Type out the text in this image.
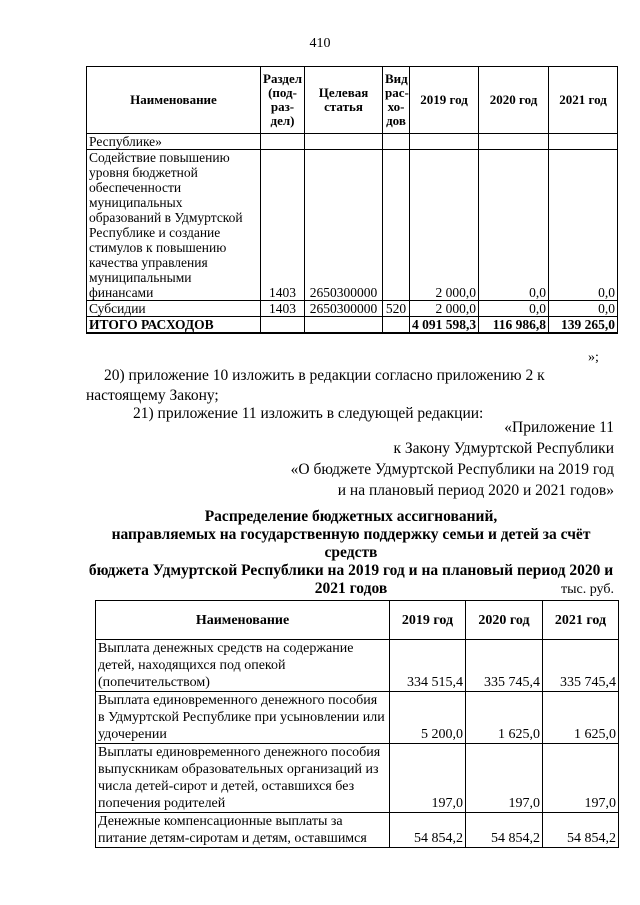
410
Наименование	Раздел (под-раз-дел)	Целевая статья	Вид рас-хо-дов	2019 год	2020 год	2021 год
Республике»						
Содействие повышению уровня бюджетной обеспеченности муниципальных образований в Удмуртской Республике и создание стимулов к повышению качества управления муниципальными финансами	1403	2650300000		2 000,0	0,0	0,0
Субсидии	1403	2650300000	520	2 000,0	0,0	0,0
ИТОГО РАСХОДОВ				4 091 598,3	116 986,8	139 265,0
»;
20) приложение 10 изложить в редакции согласно приложению 2 к
настоящему Закону;
21) приложение 11 изложить в следующей редакции:
«Приложение 11
к Закону Удмуртской Республики
«О бюджете Удмуртской Республики на 2019 год
и на плановый период 2020 и 2021 годов»
Распределение бюджетных ассигнований,
направляемых на государственную поддержку семьи и детей за счёт средств
бюджета Удмуртской Республики на 2019 год и на плановый период 2020 и
2021 годов	тыс. руб.
Наименование	2019 год	2020 год	2021 год
Выплата денежных средств на содержание детей, находящихся под опекой (попечительством)	334 515,4	335 745,4	335 745,4
Выплата единовременного денежного пособия в Удмуртской Республике при усыновлении или удочерении	5 200,0	1 625,0	1 625,0
Выплаты единовременного денежного пособия выпускникам образовательных организаций из числа детей-сирот и детей, оставшихся без попечения родителей	197,0	197,0	197,0
Денежные компенсационные выплаты за питание детям-сиротам и детям, оставшимся	54 854,2	54 854,2	54 854,2
